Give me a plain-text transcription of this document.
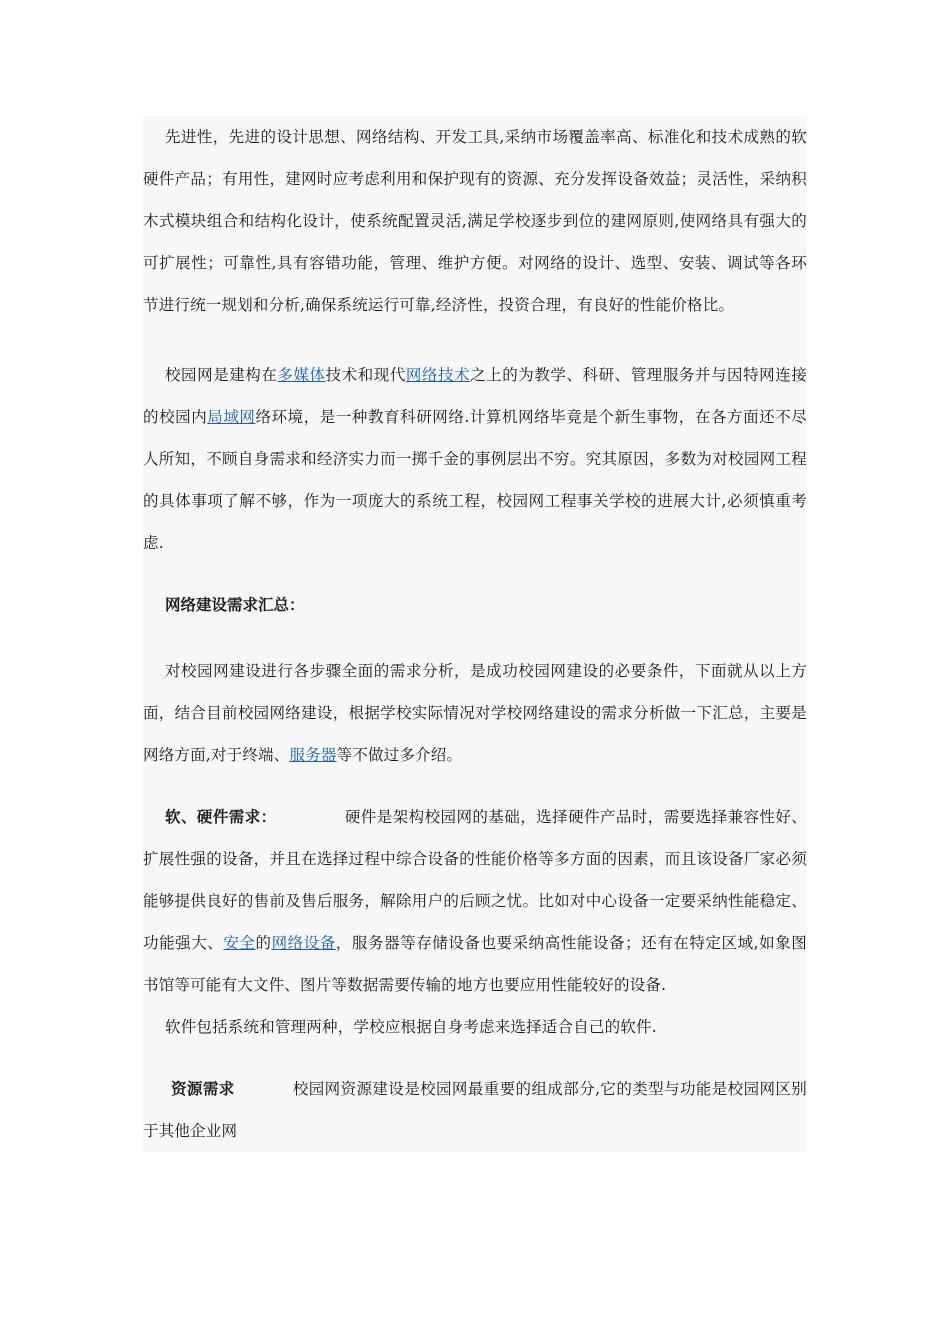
先进性，先进的设计思想、网络结构、开发工具,采纳市场覆盖率高、标准化和技术成熟的软硬件产品；有用性，建网时应考虑利用和保护现有的资源、充分发挥设备效益；灵活性，采纳积木式模块组合和结构化设计，使系统配置灵活,满足学校逐步到位的建网原则,使网络具有强大的可扩展性；可靠性,具有容错功能，管理、维护方便。对网络的设计、选型、安装、调试等各环节进行统一规划和分析,确保系统运行可靠,经济性，投资合理，有良好的性能价格比。

校园网是建构在多媒体技术和现代网络技术之上的为教学、科研、管理服务并与因特网连接的校园内局域网络环境，是一种教育科研网络.计算机网络毕竟是个新生事物，在各方面还不尽人所知，不顾自身需求和经济实力而一掷千金的事例层出不穷。究其原因，多数为对校园网工程的具体事项了解不够，作为一项庞大的系统工程，校园网工程事关学校的进展大计,必须慎重考虑.

网络建设需求汇总：

对校园网建设进行各步骤全面的需求分析，是成功校园网建设的必要条件，下面就从以上方面，结合目前校园网络建设，根据学校实际情况对学校网络建设的需求分析做一下汇总，主要是网络方面,对于终端、服务器等不做过多介绍。

软、硬件需求：	硬件是架构校园网的基础，选择硬件产品时，需要选择兼容性好、扩展性强的设备，并且在选择过程中综合设备的性能价格等多方面的因素，而且该设备厂家必须能够提供良好的售前及售后服务，解除用户的后顾之忧。比如对中心设备一定要采纳性能稳定、功能强大、安全的网络设备，服务器等存储设备也要采纳高性能设备；还有在特定区域,如象图书馆等可能有大文件、图片等数据需要传输的地方也要应用性能较好的设备.

软件包括系统和管理两种，学校应根据自身考虑来选择适合自己的软件.

资源需求	校园网资源建设是校园网最重要的组成部分,它的类型与功能是校园网区别于其他企业网
